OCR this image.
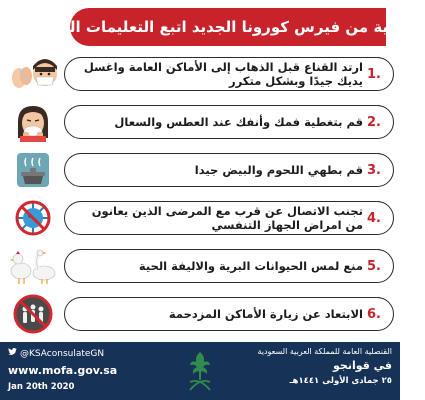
للوقاية من فيرس كورونا الجديد اتبع التعليمات التالية:
.1
ارتد القناع قبل الذهاب إلى الأماكن العامة واغسل يديك جيدًا وبشكل متكرر
.2
قم بتغطية فمك وأنفك عند العطس والسعال
.3
قم بطهي اللحوم والبيض جيدا
.4
تجنب الاتصال عن قرب مع المرضى الذين يعانون من امراض الجهاز التنفسي
.5
منع لمس الحيوانات البرية والاليفة الحية
.6
الابتعاد عن زيارة الأماكن المزدحمة
@KSAconsulateGN
www.mofa.gov.sa
Jan 20th 2020
القنصلية العامة للمملكة العربية السعودية
في قوانجو
٢٥ جمادى الأولى ١٤٤١هـ
